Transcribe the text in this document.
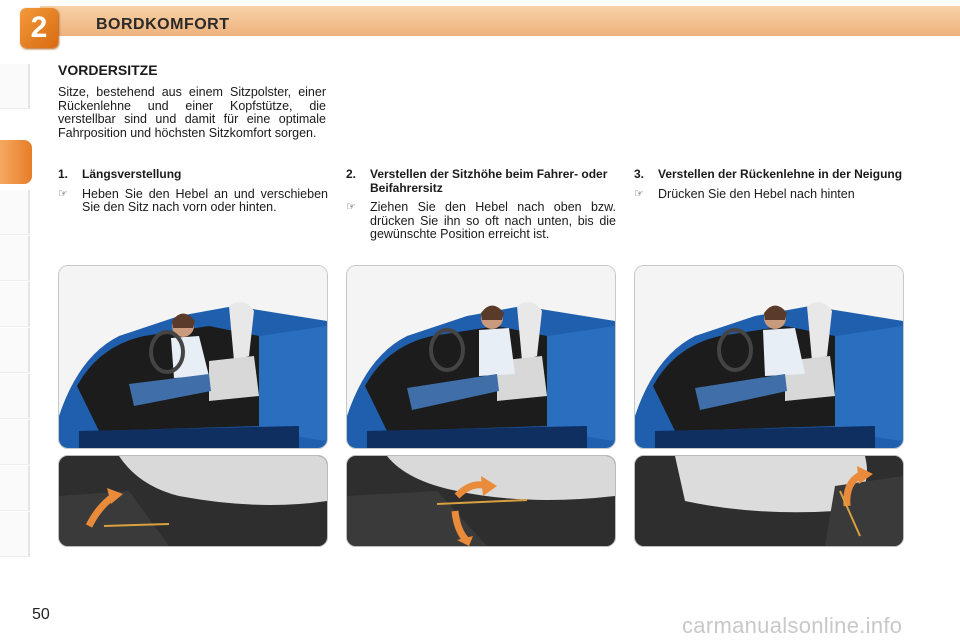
2	BORDKOMFORT
VORDERSITZE

Sitze, bestehend aus einem Sitzpolster, einer Rückenlehne und einer Kopfstütze, die verstellbar sind und damit für eine optimale Fahrposition und höchsten Sitzkomfort sorgen.

1.	Längsverstellung

☞	Heben Sie den Hebel an und verschieben Sie den Sitz nach vorn oder hinten.

2.	Verstellen der Sitzhöhe beim Fahrer- oder Beifahrersitz

☞	Ziehen Sie den Hebel nach oben bzw. drücken Sie ihn so oft nach unten, bis die gewünschte Position erreicht ist.

3.	Verstellen der Rückenlehne in der Neigung

☞	Drücken Sie den Hebel nach hinten

50	carmanualsonline.info
